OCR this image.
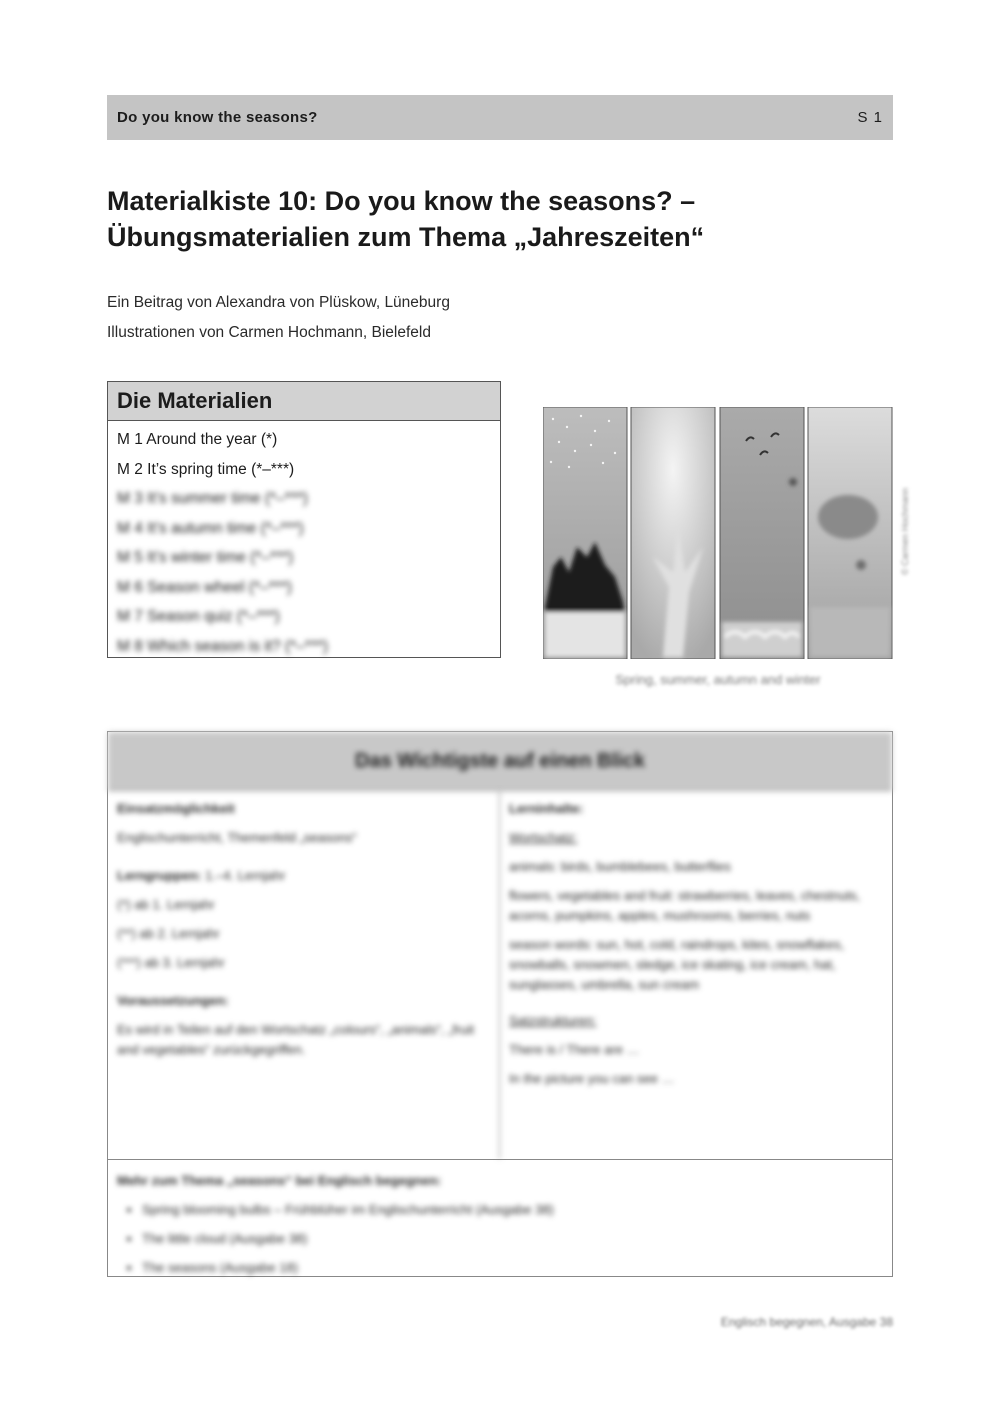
Do you know the seasons?	S 1
Materialkiste 10: Do you know the seasons? –
Übungsmaterialien zum Thema „Jahreszeiten“
Ein Beitrag von Alexandra von Plüskow, Lüneburg
Illustrationen von Carmen Hochmann, Bielefeld
Die Materialien
M 1 Around the year (*)
M 2 It’s spring time (*–***)
M 3 It’s summer time (*–***)
M 4 It’s autumn time (*–***)
M 5 It’s winter time (*–***)
M 6 Season wheel (*–***)
M 7 Season quiz (*–***)
M 8 Which season is it? (*–***)
Spring, summer, autumn and winter
© Carmen Hochmann
Das Wichtigste auf einen Blick

Einsatzmöglichkeit

Englischunterricht, Themenfeld „seasons“

Lerngruppen: 1.–4. Lernjahr

(*) ab 1. Lernjahr

(**) ab 2. Lernjahr

(***) ab 3. Lernjahr

Voraussetzungen:

Es wird in Teilen auf den Wortschatz „colours“, „animals“, „fruit and vegetables“ zurückgegriffen.

Lerninhalte:

Wortschatz:

animals: birds, bumblebees, butterflies

flowers, vegetables and fruit: strawberries, leaves, chestnuts, acorns, pumpkins, apples, mushrooms, berries, nuts

season words: sun, hot, cold, raindrops, kites, snowflakes, snowballs, snowmen, sledge, ice skating, ice cream, hat, sunglasses, umbrella, sun cream

Satzstrukturen:

There is / There are …

In the picture you can see …

Mehr zum Thema „seasons“ bei Englisch begegnen:
• Spring blooming bulbs – Frühblüher im Englischunterricht (Ausgabe 38)
• The little cloud (Ausgabe 38)
• The seasons (Ausgabe 18)
Englisch begegnen, Ausgabe 38
